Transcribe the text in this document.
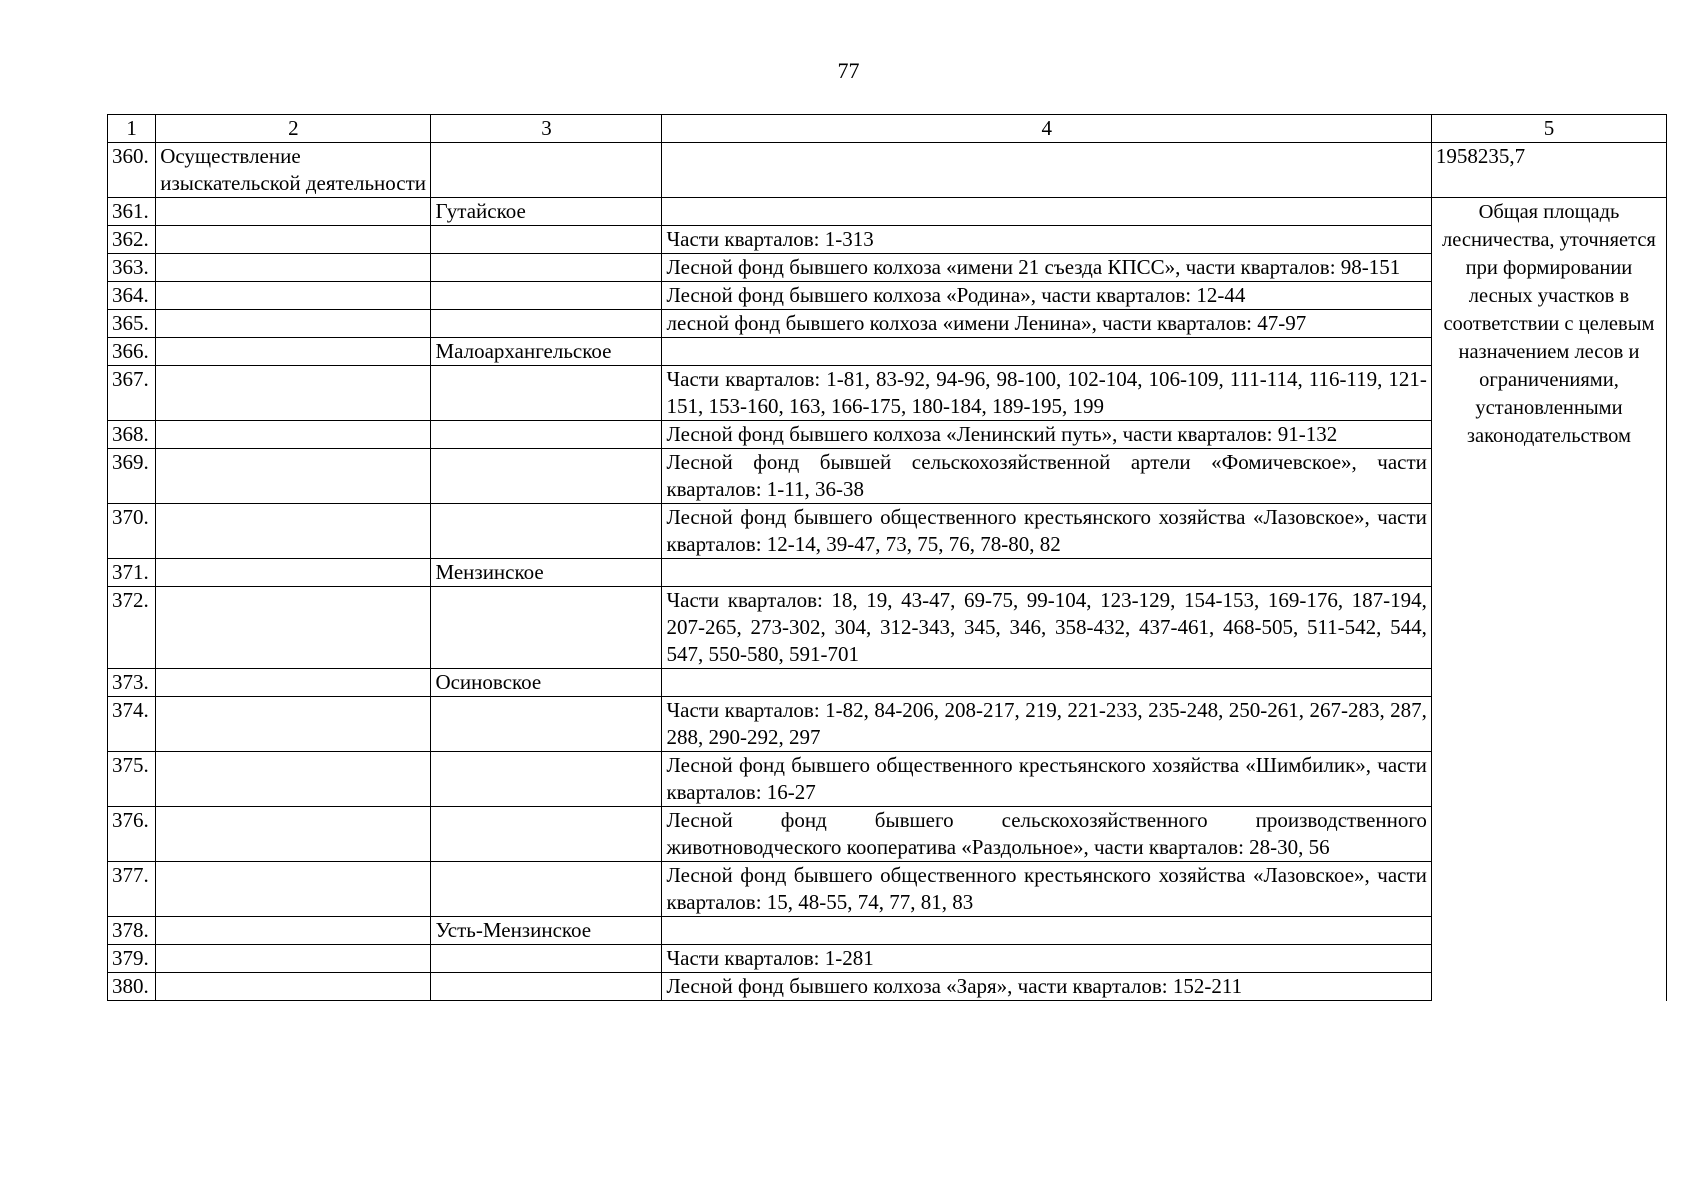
77
1	2	3	4	5
360.	Осуществление изыскательской деятельности			1958235,7
361.		Гутайское		Общая площадь лесничества, уточняется при формировании лесных участков в соответствии с целевым назначением лесов и ограничениями, установленными законодательством
362.			Части кварталов: 1-313	
363.			Лесной фонд бывшего колхоза «имени 21 съезда КПСС», части кварталов: 98-151	
364.			Лесной фонд бывшего колхоза «Родина», части кварталов: 12-44	
365.			лесной фонд бывшего колхоза «имени Ленина», части кварталов: 47-97	
366.		Малоархангельское		
367.			Части кварталов: 1-81, 83-92, 94-96, 98-100, 102-104, 106-109, 111-114, 116-119, 121-151, 153-160, 163, 166-175, 180-184, 189-195, 199	
368.			Лесной фонд бывшего колхоза «Ленинский путь», части кварталов: 91-132	
369.			Лесной фонд бывшей сельскохозяйственной артели «Фомичевское», части кварталов: 1-11, 36-38	
370.			Лесной фонд бывшего общественного крестьянского хозяйства «Лазовское», части кварталов: 12-14, 39-47, 73, 75, 76, 78-80, 82	
371.		Мензинское		
372.			Части кварталов: 18, 19, 43-47, 69-75, 99-104, 123-129, 154-153, 169-176, 187-194, 207-265, 273-302, 304, 312-343, 345, 346, 358-432, 437-461, 468-505, 511-542, 544, 547, 550-580, 591-701	
373.		Осиновское		
374.			Части кварталов: 1-82, 84-206, 208-217, 219, 221-233, 235-248, 250-261, 267-283, 287, 288, 290-292, 297	
375.			Лесной фонд бывшего общественного крестьянского хозяйства «Шимбилик», части кварталов: 16-27	
376.			Лесной фонд бывшего сельскохозяйственного производственного животноводческого кооператива «Раздольное», части кварталов: 28-30, 56	
377.			Лесной фонд бывшего общественного крестьянского хозяйства «Лазовское», части кварталов: 15, 48-55, 74, 77, 81, 83	
378.		Усть-Мензинское		
379.			Части кварталов: 1-281	
380.			Лесной фонд бывшего колхоза «Заря», части кварталов: 152-211	
